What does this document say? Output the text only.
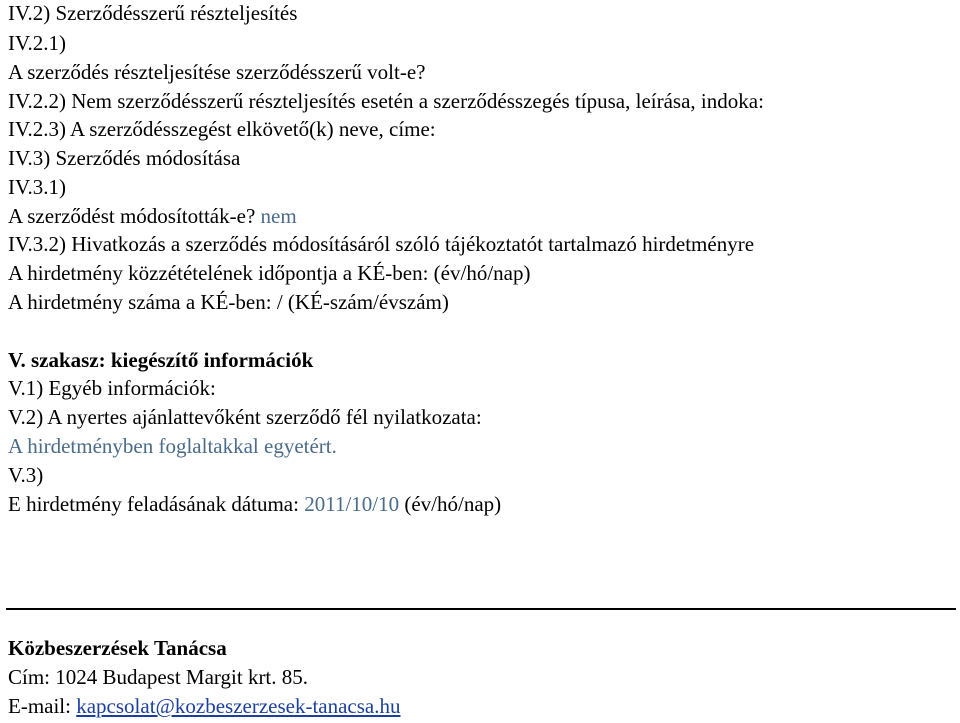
IV.2) Szerződésszerű részteljesítés
IV.2.1)
A szerződés részteljesítése szerződésszerű volt-e?
IV.2.2) Nem szerződésszerű részteljesítés esetén a szerződésszegés típusa, leírása, indoka:
IV.2.3) A szerződésszegést elkövető(k) neve, címe:
IV.3) Szerződés módosítása
IV.3.1)
A szerződést módosították-e? nem
IV.3.2) Hivatkozás a szerződés módosításáról szóló tájékoztatót tartalmazó hirdetményre
A hirdetmény közzétételének időpontja a KÉ-ben: (év/hó/nap)
A hirdetmény száma a KÉ-ben: / (KÉ-szám/évszám)
V. szakasz: kiegészítő információk
V.1) Egyéb információk:
V.2) A nyertes ajánlattevőként szerződő fél nyilatkozata:
A hirdetményben foglaltakkal egyetért.
V.3)
E hirdetmény feladásának dátuma: 2011/10/10 (év/hó/nap)
Közbeszerzések Tanácsa
Cím: 1024 Budapest Margit krt. 85.
E-mail: kapcsolat@kozbeszerzesek-tanacsa.hu
